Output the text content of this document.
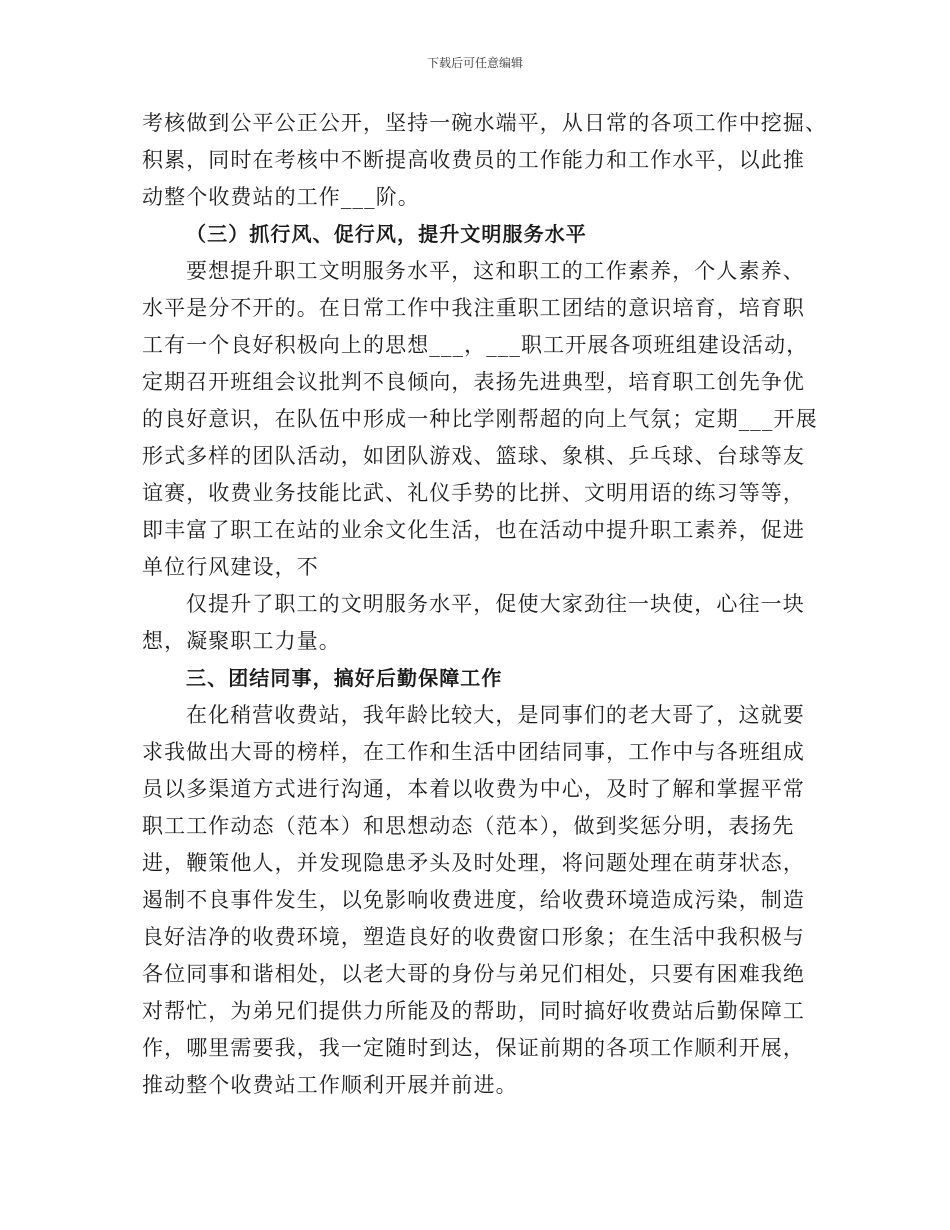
下载后可任意编辑
考核做到公平公正公开，坚持一碗水端平，从日常的各项工作中挖掘、
积累，同时在考核中不断提高收费员的工作能力和工作水平，以此推
动整个收费站的工作___阶。
（三）抓行风、促行风，提升文明服务水平
要想提升职工文明服务水平，这和职工的工作素养，个人素养、
水平是分不开的。在日常工作中我注重职工团结的意识培育，培育职
工有一个良好积极向上的思想___，___职工开展各项班组建设活动，
定期召开班组会议批判不良倾向，表扬先进典型，培育职工创先争优
的良好意识，在队伍中形成一种比学刚帮超的向上气氛；定期___开展
形式多样的团队活动，如团队游戏、篮球、象棋、乒乓球、台球等友
谊赛，收费业务技能比武、礼仪手势的比拼、文明用语的练习等等，
即丰富了职工在站的业余文化生活，也在活动中提升职工素养，促进
单位行风建设，不
仅提升了职工的文明服务水平，促使大家劲往一块使，心往一块
想，凝聚职工力量。
三、团结同事，搞好后勤保障工作
在化稍营收费站，我年龄比较大，是同事们的老大哥了，这就要
求我做出大哥的榜样，在工作和生活中团结同事，工作中与各班组成
员以多渠道方式进行沟通，本着以收费为中心，及时了解和掌握平常
职工工作动态（范本）和思想动态（范本），做到奖惩分明，表扬先
进，鞭策他人，并发现隐患矛头及时处理，将问题处理在萌芽状态，
遏制不良事件发生，以免影响收费进度，给收费环境造成污染，制造
良好洁净的收费环境，塑造良好的收费窗口形象；在生活中我积极与
各位同事和谐相处，以老大哥的身份与弟兄们相处，只要有困难我绝
对帮忙，为弟兄们提供力所能及的帮助，同时搞好收费站后勤保障工
作，哪里需要我，我一定随时到达，保证前期的各项工作顺利开展，
推动整个收费站工作顺利开展并前进。
